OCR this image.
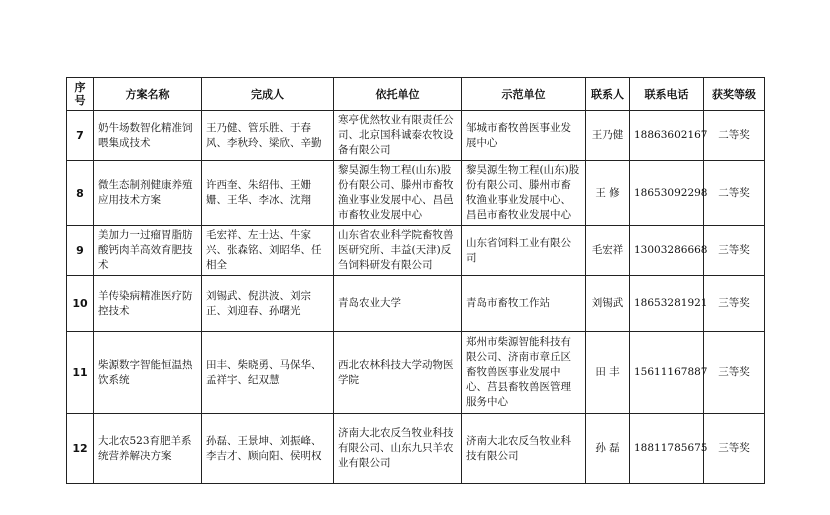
序号	方案名称	完成人	依托单位	示范单位	联系人	联系电话	获奖等级
7	奶牛场数智化精准饲喂集成技术	王乃健、管乐胜、于春风、李秋玲、梁欣、辛勤	寒亭优然牧业有限责任公司、北京国科诚泰农牧设备有限公司	邹城市畜牧兽医事业发展中心	王乃健	18863602167	二等奖
8	微生态制剂健康养殖应用技术方案	许西奎、朱绍伟、王姗姗、王华、李冰、沈翔	黎昊源生物工程(山东)股份有限公司、滕州市畜牧渔业事业发展中心、昌邑市畜牧业发展中心	黎昊源生物工程(山东)股份有限公司、滕州市畜牧渔业事业发展中心、昌邑市畜牧业发展中心	王 修	18653092298	二等奖
9	美加力一过瘤胃脂肪酸钙肉羊高效育肥技术	毛宏祥、左士达、牛家兴、张森铭、刘昭华、任相全	山东省农业科学院畜牧兽医研究所、丰益(天津)反刍饲料研发有限公司	山东省饲料工业有限公司	毛宏祥	13003286668	三等奖
10	羊传染病精准医疗防控技术	刘锡武、倪洪波、刘宗正、刘迎春、孙曙光	青岛农业大学	青岛市畜牧工作站	刘锡武	18653281921	三等奖
11	柴源数字智能恒温热饮系统	田丰、柴晓勇、马保华、孟祥宇、纪双慧	西北农林科技大学动物医学院	郑州市柴源智能科技有限公司、济南市章丘区畜牧兽医事业发展中心、莒县畜牧兽医管理服务中心	田 丰	15611167887	三等奖
12	大北农523育肥羊系统营养解决方案	孙磊、王景坤、刘振峰、李吉才、顾向阳、侯明权	济南大北农反刍牧业科技有限公司、山东九只羊农业有限公司	济南大北农反刍牧业科技有限公司	孙 磊	18811785675	三等奖
